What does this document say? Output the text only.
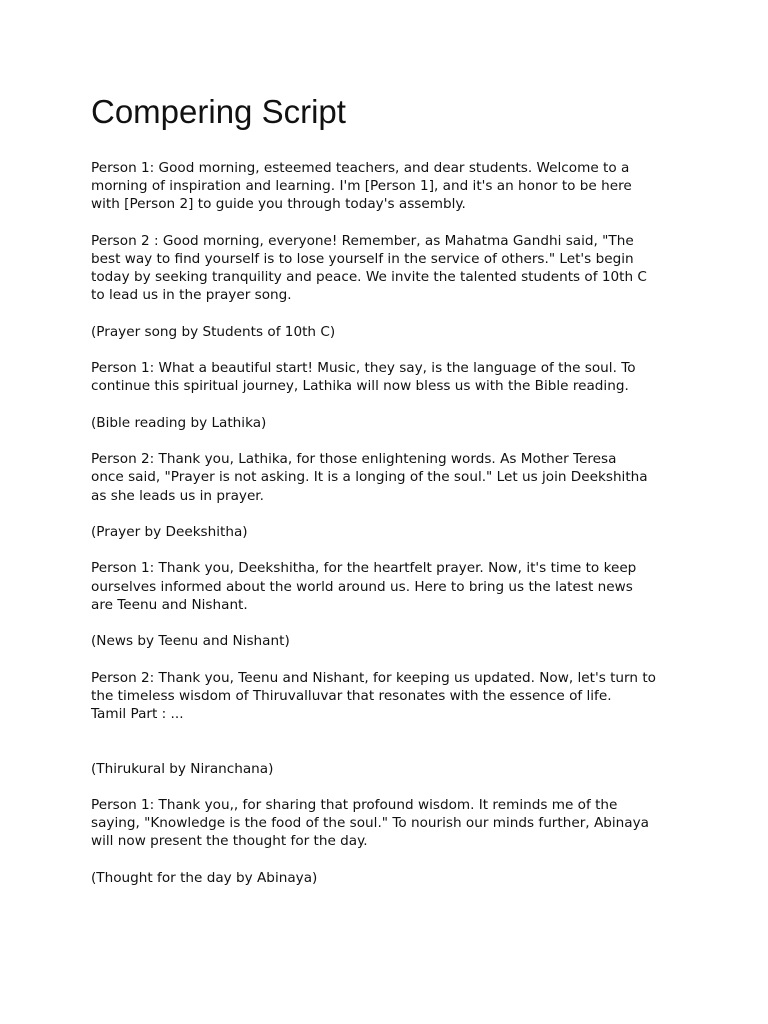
Compering Script

Person 1: Good morning, esteemed teachers, and dear students. Welcome to a
morning of inspiration and learning. I'm [Person 1], and it's an honor to be here
with [Person 2] to guide you through today's assembly.

Person 2 : Good morning, everyone! Remember, as Mahatma Gandhi said, "The
best way to find yourself is to lose yourself in the service of others." Let's begin
today by seeking tranquility and peace. We invite the talented students of 10th C
to lead us in the prayer song.

(Prayer song by Students of 10th C)

Person 1: What a beautiful start! Music, they say, is the language of the soul. To
continue this spiritual journey, Lathika will now bless us with the Bible reading.

(Bible reading by Lathika)

Person 2: Thank you, Lathika, for those enlightening words. As Mother Teresa
once said, "Prayer is not asking. It is a longing of the soul." Let us join Deekshitha
as she leads us in prayer.

(Prayer by Deekshitha)

Person 1: Thank you, Deekshitha, for the heartfelt prayer. Now, it's time to keep
ourselves informed about the world around us. Here to bring us the latest news
are Teenu and Nishant.

(News by Teenu and Nishant)

Person 2: Thank you, Teenu and Nishant, for keeping us updated. Now, let's turn to
the timeless wisdom of Thiruvalluvar that resonates with the essence of life.
Tamil Part : ...

(Thirukural by Niranchana)

Person 1: Thank you,, for sharing that profound wisdom. It reminds me of the
saying, "Knowledge is the food of the soul." To nourish our minds further, Abinaya
will now present the thought for the day.

(Thought for the day by Abinaya)
